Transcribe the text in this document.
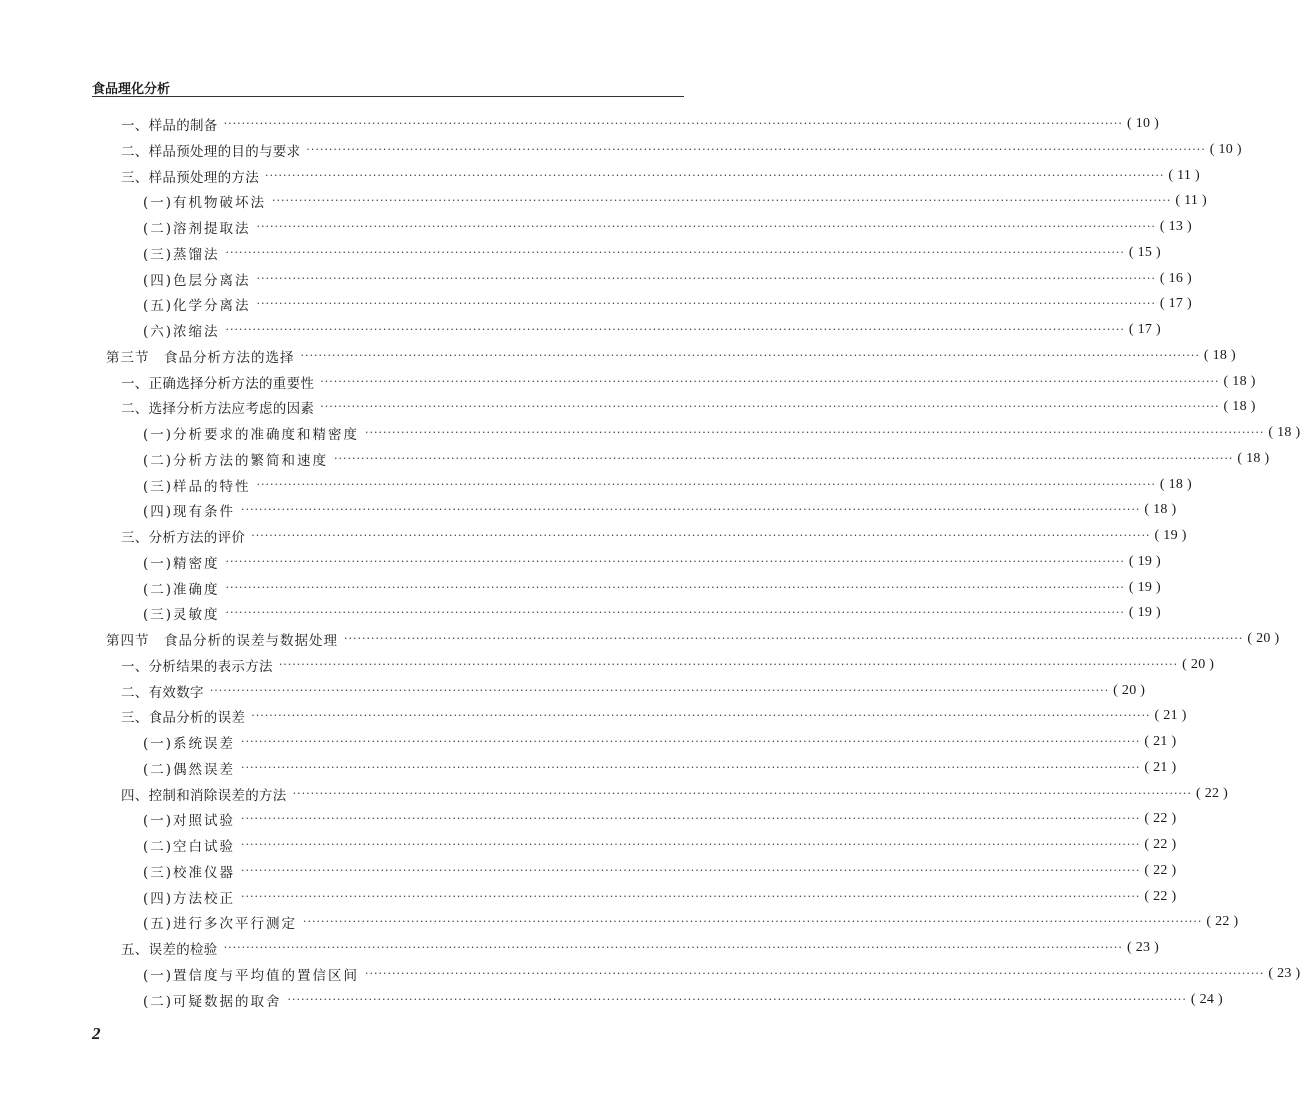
食品理化分析
一、样品的制备 ········································································································································································································ ( 10 )
二、样品预处理的目的与要求 ········································································································································································································ ( 10 )
三、样品预处理的方法 ········································································································································································································ ( 11 )
(一)有机物破坏法 ········································································································································································································ ( 11 )
(二)溶剂提取法 ········································································································································································································ ( 13 )
(三)蒸馏法 ········································································································································································································ ( 15 )
(四)色层分离法 ········································································································································································································ ( 16 )
(五)化学分离法 ········································································································································································································ ( 17 )
(六)浓缩法 ········································································································································································································ ( 17 )
第三节　食品分析方法的选择 ········································································································································································································ ( 18 )
一、正确选择分析方法的重要性 ········································································································································································································ ( 18 )
二、选择分析方法应考虑的因素 ········································································································································································································ ( 18 )
(一)分析要求的准确度和精密度 ········································································································································································································ ( 18 )
(二)分析方法的繁简和速度 ········································································································································································································ ( 18 )
(三)样品的特性 ········································································································································································································ ( 18 )
(四)现有条件 ········································································································································································································ ( 18 )
三、分析方法的评价 ········································································································································································································ ( 19 )
(一)精密度 ········································································································································································································ ( 19 )
(二)准确度 ········································································································································································································ ( 19 )
(三)灵敏度 ········································································································································································································ ( 19 )
第四节　食品分析的误差与数据处理 ········································································································································································································ ( 20 )
一、分析结果的表示方法 ········································································································································································································ ( 20 )
二、有效数字 ········································································································································································································ ( 20 )
三、食品分析的误差 ········································································································································································································ ( 21 )
(一)系统误差 ········································································································································································································ ( 21 )
(二)偶然误差 ········································································································································································································ ( 21 )
四、控制和消除误差的方法 ········································································································································································································ ( 22 )
(一)对照试验 ········································································································································································································ ( 22 )
(二)空白试验 ········································································································································································································ ( 22 )
(三)校准仪器 ········································································································································································································ ( 22 )
(四)方法校正 ········································································································································································································ ( 22 )
(五)进行多次平行测定 ········································································································································································································ ( 22 )
五、误差的检验 ········································································································································································································ ( 23 )
(一)置信度与平均值的置信区间 ········································································································································································································ ( 23 )
(二)可疑数据的取舍 ········································································································································································································ ( 24 )
2
